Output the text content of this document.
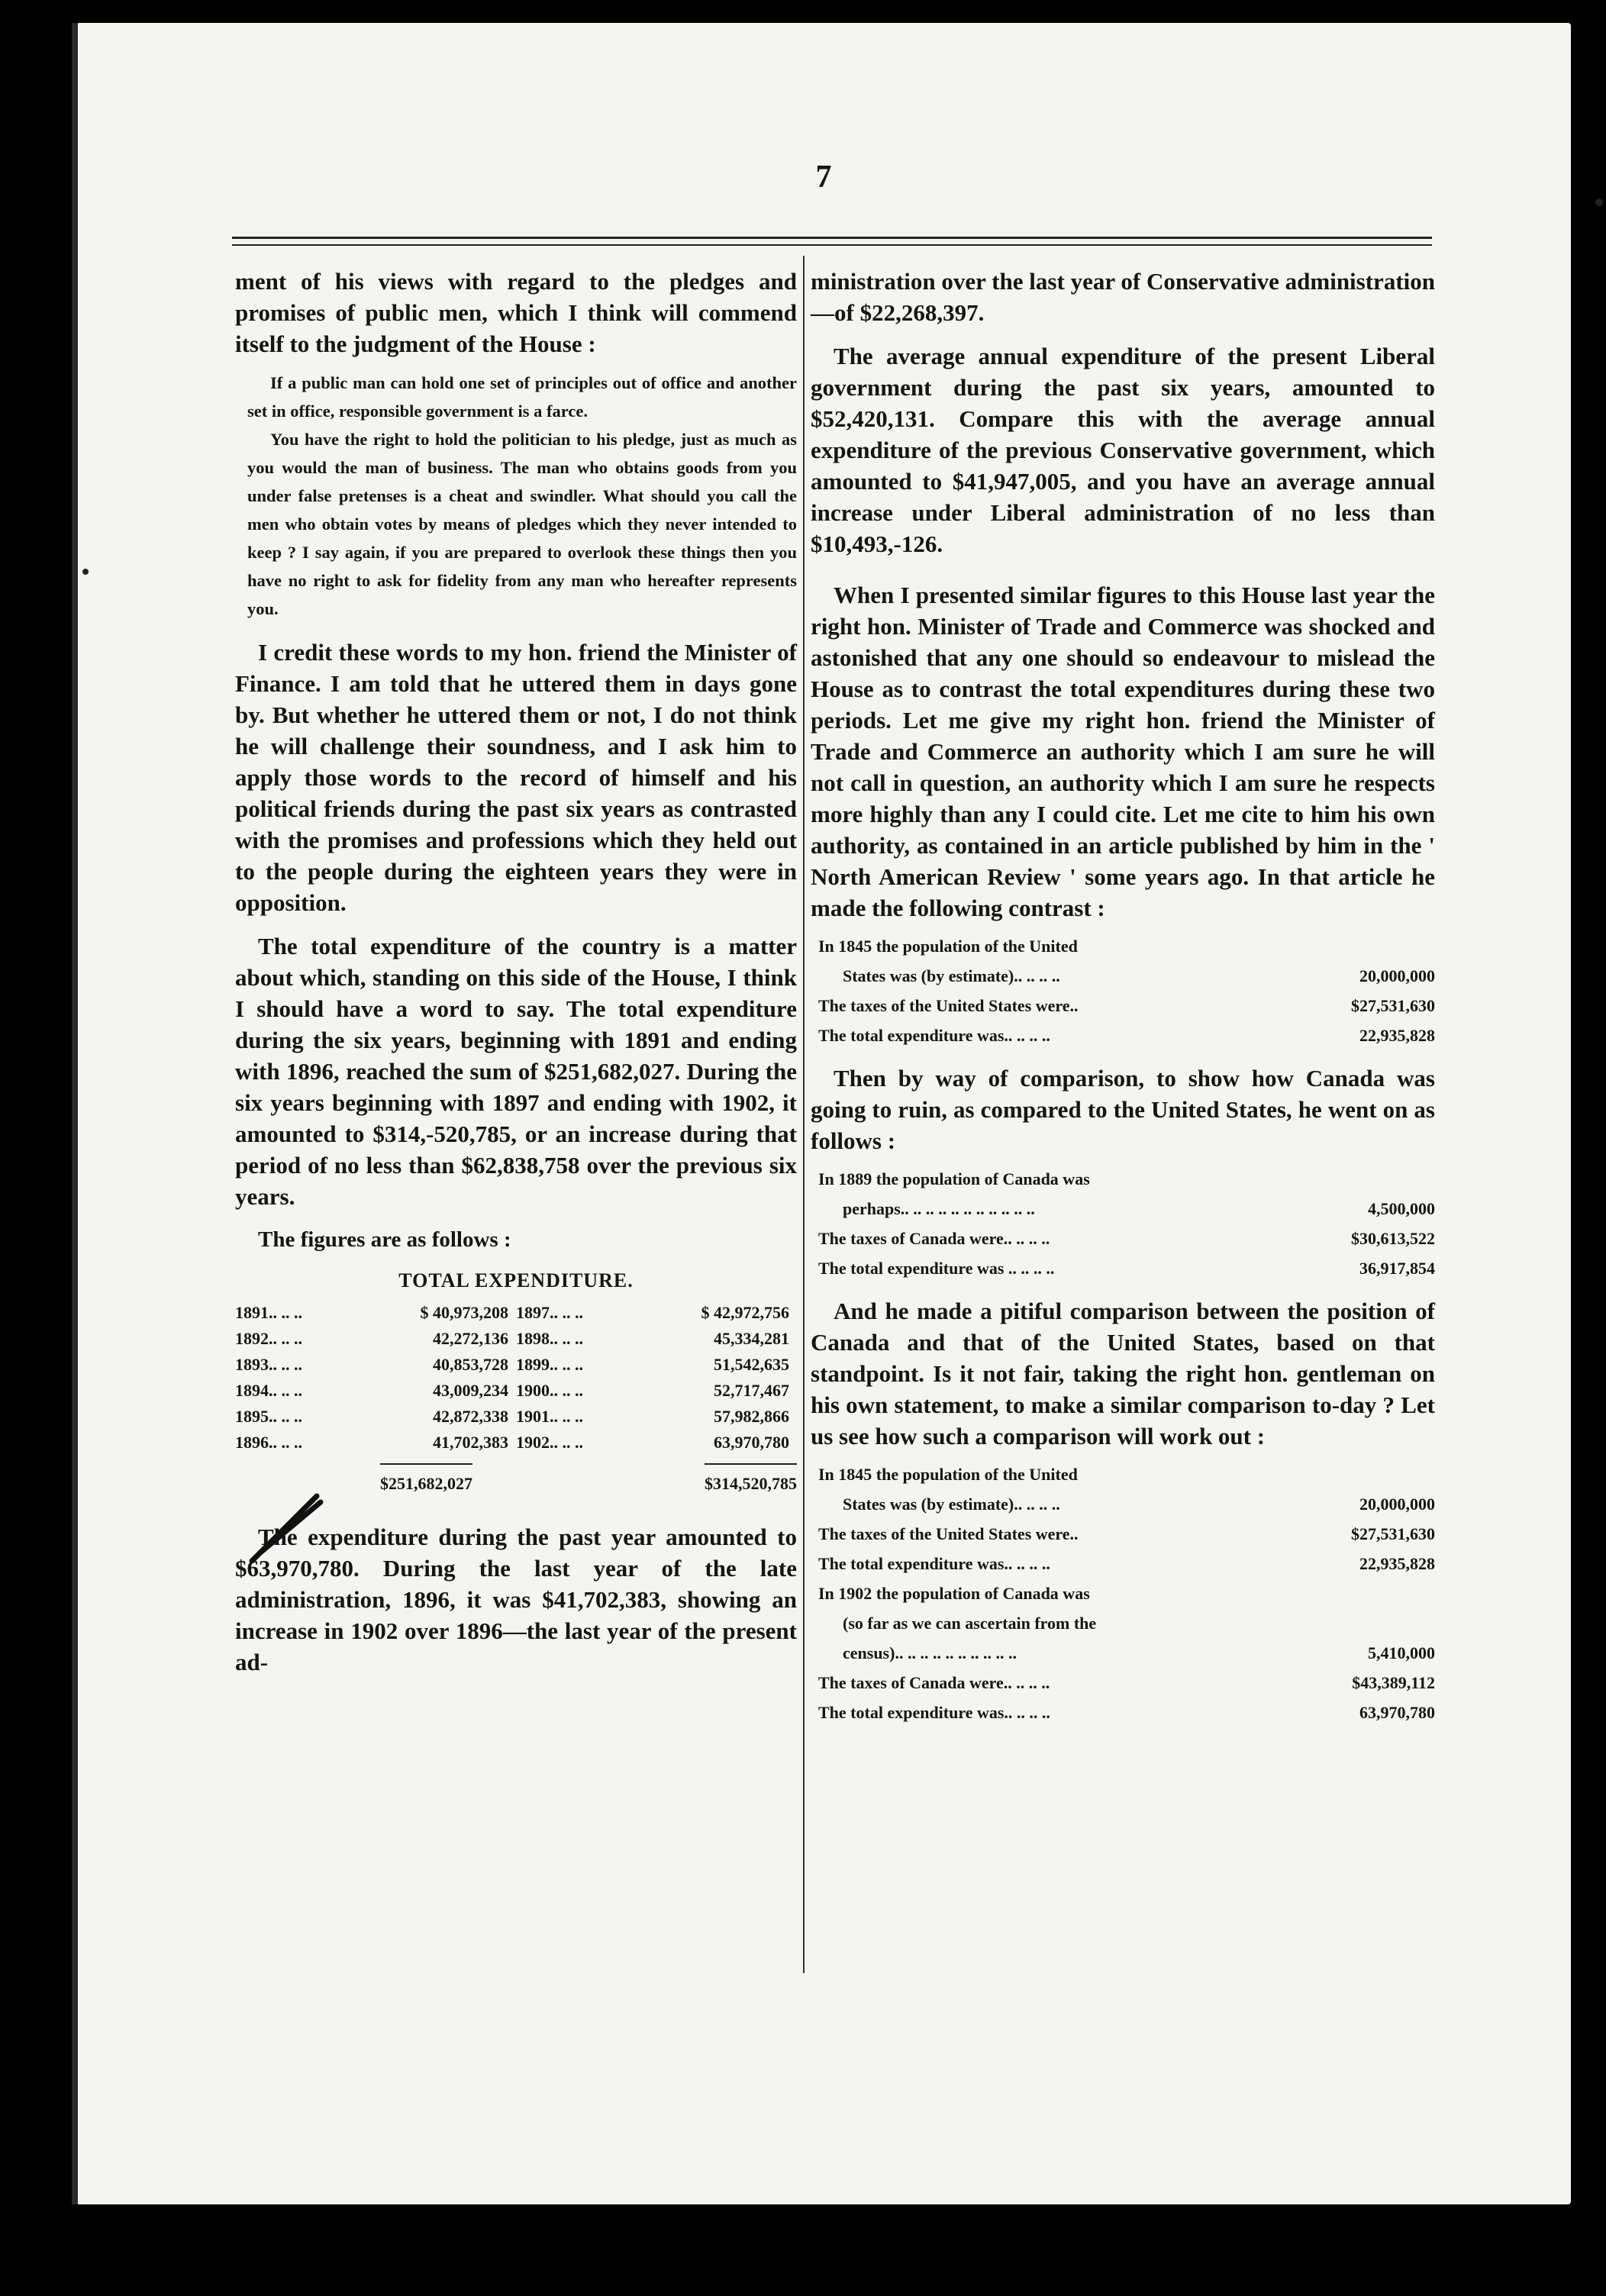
7

ment of his views with regard to the pledges and promises of public men, which I think will commend itself to the judgment of the House :

If a public man can hold one set of principles out of office and another set in office, responsible government is a farce.

You have the right to hold the politician to his pledge, just as much as you would the man of business. The man who obtains goods from you under false pretenses is a cheat and swindler. What should you call the men who obtain votes by means of pledges which they never intended to keep ? I say again, if you are prepared to overlook these things then you have no right to ask for fidelity from any man who hereafter represents you.

I credit these words to my hon. friend the Minister of Finance. I am told that he uttered them in days gone by. But whether he uttered them or not, I do not think he will challenge their soundness, and I ask him to apply those words to the record of himself and his political friends during the past six years as contrasted with the promises and professions which they held out to the people during the eighteen years they were in opposition.

The total expenditure of the country is a matter about which, standing on this side of the House, I think I should have a word to say. The total expenditure during the six years, beginning with 1891 and ending with 1896, reached the sum of $251,682,027. During the six years beginning with 1897 and ending with 1902, it amounted to $314,-520,785, or an increase during that period of no less than $62,838,758 over the previous six years.

The figures are as follows :

TOTAL EXPENDITURE.
1891.. .. ..	$ 40,973,208	1897.. .. ..	$ 42,972,756
1892.. .. ..	42,272,136	1898.. .. ..	45,334,281
1893.. .. ..	40,853,728	1899.. .. ..	51,542,635
1894.. .. ..	43,009,234	1900.. .. ..	52,717,467
1895.. .. ..	42,872,338	1901.. .. ..	57,982,866
1896.. .. ..	41,702,383	1902.. .. ..	63,970,780
$251,682,027	$314,520,785

The expenditure during the past year amounted to $63,970,780. During the last year of the late administration, 1896, it was $41,702,383, showing an increase in 1902 over 1896—the last year of the present ad-

ministration over the last year of Conservative administration—of $22,268,397.

The average annual expenditure of the present Liberal government during the past six years, amounted to $52,420,131. Compare this with the average annual expenditure of the previous Conservative government, which amounted to $41,947,005, and you have an average annual increase under Liberal administration of no less than $10,493,-126.

When I presented similar figures to this House last year the right hon. Minister of Trade and Commerce was shocked and astonished that any one should so endeavour to mislead the House as to contrast the total expenditures during these two periods. Let me give my right hon. friend the Minister of Trade and Commerce an authority which I am sure he will not call in question, an authority which I am sure he respects more highly than any I could cite. Let me cite to him his own authority, as contained in an article published by him in the ' North American Review ' some years ago. In that article he made the following contrast :

In 1845 the population of the United
States was (by estimate).. .. .. ..	20,000,000
The taxes of the United States were..	$27,531,630
The total expenditure was.. .. .. ..	22,935,828

Then by way of comparison, to show how Canada was going to ruin, as compared to the United States, he went on as follows :

In 1889 the population of Canada was
perhaps.. .. .. .. .. .. .. .. .. .. ..	4,500,000
The taxes of Canada were.. .. .. ..	$30,613,522
The total expenditure was .. .. .. ..	36,917,854

And he made a pitiful comparison between the position of Canada and that of the United States, based on that standpoint. Is it not fair, taking the right hon. gentleman on his own statement, to make a similar comparison to-day ? Let us see how such a comparison will work out :

In 1845 the population of the United
States was (by estimate).. .. .. ..	20,000,000
The taxes of the United States were..	$27,531,630
The total expenditure was.. .. .. ..	22,935,828
In 1902 the population of Canada was
(so far as we can ascertain from the
census).. .. .. .. .. .. .. .. .. ..	5,410,000
The taxes of Canada were.. .. .. ..	$43,389,112
The total expenditure was.. .. .. ..	63,970,780
